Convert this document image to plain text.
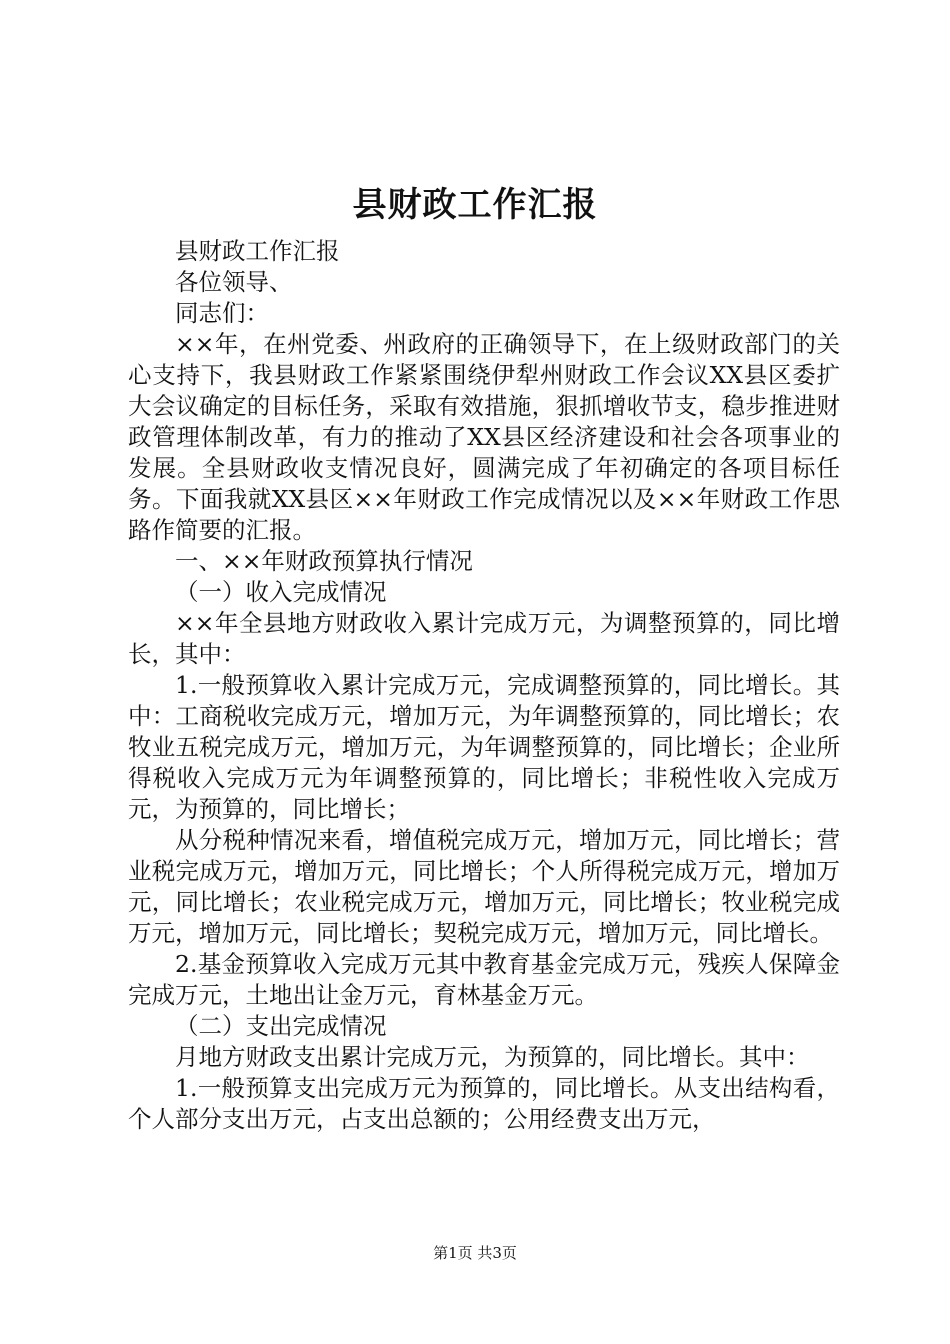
县财政工作汇报

县财政工作汇报

各位领导、

同志们：

××年，在州党委、州政府的正确领导下，在上级财政部门的关心支持下，我县财政工作紧紧围绕伊犁州财政工作会议XX县区委扩大会议确定的目标任务，采取有效措施，狠抓增收节支，稳步推进财政管理体制改革，有力的推动了XX县区经济建设和社会各项事业的发展。全县财政收支情况良好，圆满完成了年初确定的各项目标任务。下面我就XX县区××年财政工作完成情况以及××年财政工作思路作简要的汇报。

一、××年财政预算执行情况

（一）收入完成情况

××年全县地方财政收入累计完成万元，为调整预算的，同比增长，其中：

1.一般预算收入累计完成万元，完成调整预算的，同比增长。其中：工商税收完成万元，增加万元，为年调整预算的，同比增长；农牧业五税完成万元，增加万元，为年调整预算的，同比增长；企业所得税收入完成万元为年调整预算的，同比增长；非税性收入完成万元，为预算的，同比增长；

从分税种情况来看，增值税完成万元，增加万元，同比增长；营业税完成万元，增加万元，同比增长；个人所得税完成万元，增加万元，同比增长；农业税完成万元，增加万元，同比增长；牧业税完成万元，增加万元，同比增长；契税完成万元，增加万元，同比增长。

2.基金预算收入完成万元其中教育基金完成万元，残疾人保障金完成万元，土地出让金万元，育林基金万元。

（二）支出完成情况

月地方财政支出累计完成万元，为预算的，同比增长。其中：

1.一般预算支出完成万元为预算的，同比增长。从支出结构看，个人部分支出万元，占支出总额的；公用经费支出万元，

第1页 共3页
